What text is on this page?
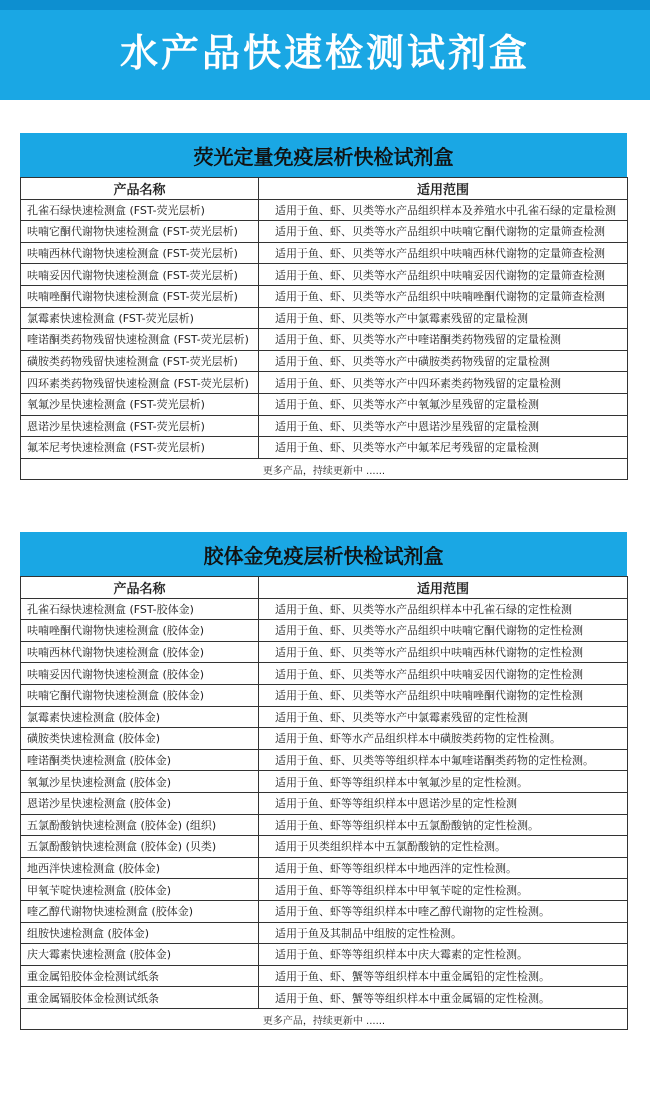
水产品快速检测试剂盒
荧光定量免疫层析快检试剂盒
产品名称	适用范围
孔雀石绿快速检测盒 (FST-荧光层析)	适用于鱼、虾、贝类等水产品组织样本及养殖水中孔雀石绿的定量检测
呋喃它酮代谢物快速检测盒 (FST-荧光层析)	适用于鱼、虾、贝类等水产品组织中呋喃它酮代谢物的定量筛查检测
呋喃西林代谢物快速检测盒 (FST-荧光层析)	适用于鱼、虾、贝类等水产品组织中呋喃西林代谢物的定量筛查检测
呋喃妥因代谢物快速检测盒 (FST-荧光层析)	适用于鱼、虾、贝类等水产品组织中呋喃妥因代谢物的定量筛查检测
呋喃唑酮代谢物快速检测盒 (FST-荧光层析)	适用于鱼、虾、贝类等水产品组织中呋喃唑酮代谢物的定量筛查检测
氯霉素快速检测盒 (FST-荧光层析)	适用于鱼、虾、贝类等水产中氯霉素残留的定量检测
喹诺酮类药物残留快速检测盒 (FST-荧光层析)	适用于鱼、虾、贝类等水产中喹诺酮类药物残留的定量检测
磺胺类药物残留快速检测盒 (FST-荧光层析)	适用于鱼、虾、贝类等水产中磺胺类药物残留的定量检测
四环素类药物残留快速检测盒 (FST-荧光层析)	适用于鱼、虾、贝类等水产中四环素类药物残留的定量检测
氧氟沙星快速检测盒 (FST-荧光层析)	适用于鱼、虾、贝类等水产中氧氟沙星残留的定量检测
恩诺沙星快速检测盒 (FST-荧光层析)	适用于鱼、虾、贝类等水产中恩诺沙星残留的定量检测
氟苯尼考快速检测盒 (FST-荧光层析)	适用于鱼、虾、贝类等水产中氟苯尼考残留的定量检测
更多产品，持续更新中 ......	
胶体金免疫层析快检试剂盒
产品名称	适用范围
孔雀石绿快速检测盒 (FST-胶体金)	适用于鱼、虾、贝类等水产品组织样本中孔雀石绿的定性检测
呋喃唑酮代谢物快速检测盒 (胶体金)	适用于鱼、虾、贝类等水产品组织中呋喃它酮代谢物的定性检测
呋喃西林代谢物快速检测盒 (胶体金)	适用于鱼、虾、贝类等水产品组织中呋喃西林代谢物的定性检测
呋喃妥因代谢物快速检测盒 (胶体金)	适用于鱼、虾、贝类等水产品组织中呋喃妥因代谢物的定性检测
呋喃它酮代谢物快速检测盒 (胶体金)	适用于鱼、虾、贝类等水产品组织中呋喃唑酮代谢物的定性检测
氯霉素快速检测盒 (胶体金)	适用于鱼、虾、贝类等水产中氯霉素残留的定性检测
磺胺类快速检测盒 (胶体金)	适用于鱼、虾等水产品组织样本中磺胺类药物的定性检测。
喹诺酮类快速检测盒 (胶体金)	适用于鱼、虾、贝类等等组织样本中氟喹诺酮类药物的定性检测。
氧氟沙星快速检测盒 (胶体金)	适用于鱼、虾等等组织样本中氧氟沙星的定性检测。
恩诺沙星快速检测盒 (胶体金)	适用于鱼、虾等等组织样本中恩诺沙星的定性检测
五氯酚酸钠快速检测盒 (胶体金) (组织)	适用于鱼、虾等等组织样本中五氯酚酸钠的定性检测。
五氯酚酸钠快速检测盒 (胶体金) (贝类)	适用于贝类组织样本中五氯酚酸钠的定性检测。
地西泮快速检测盒 (胶体金)	适用于鱼、虾等等组织样本中地西泮的定性检测。
甲氧苄啶快速检测盒 (胶体金)	适用于鱼、虾等等组织样本中甲氧苄啶的定性检测。
喹乙醇代谢物快速检测盒 (胶体金)	适用于鱼、虾等等组织样本中喹乙醇代谢物的定性检测。
组胺快速检测盒 (胶体金)	适用于鱼及其制品中组胺的定性检测。
庆大霉素快速检测盒 (胶体金)	适用于鱼、虾等等组织样本中庆大霉素的定性检测。
重金属铅胶体金检测试纸条	适用于鱼、虾、蟹等等组织样本中重金属铅的定性检测。
重金属镉胶体金检测试纸条	适用于鱼、虾、蟹等等组织样本中重金属镉的定性检测。
更多产品，持续更新中 ......	
